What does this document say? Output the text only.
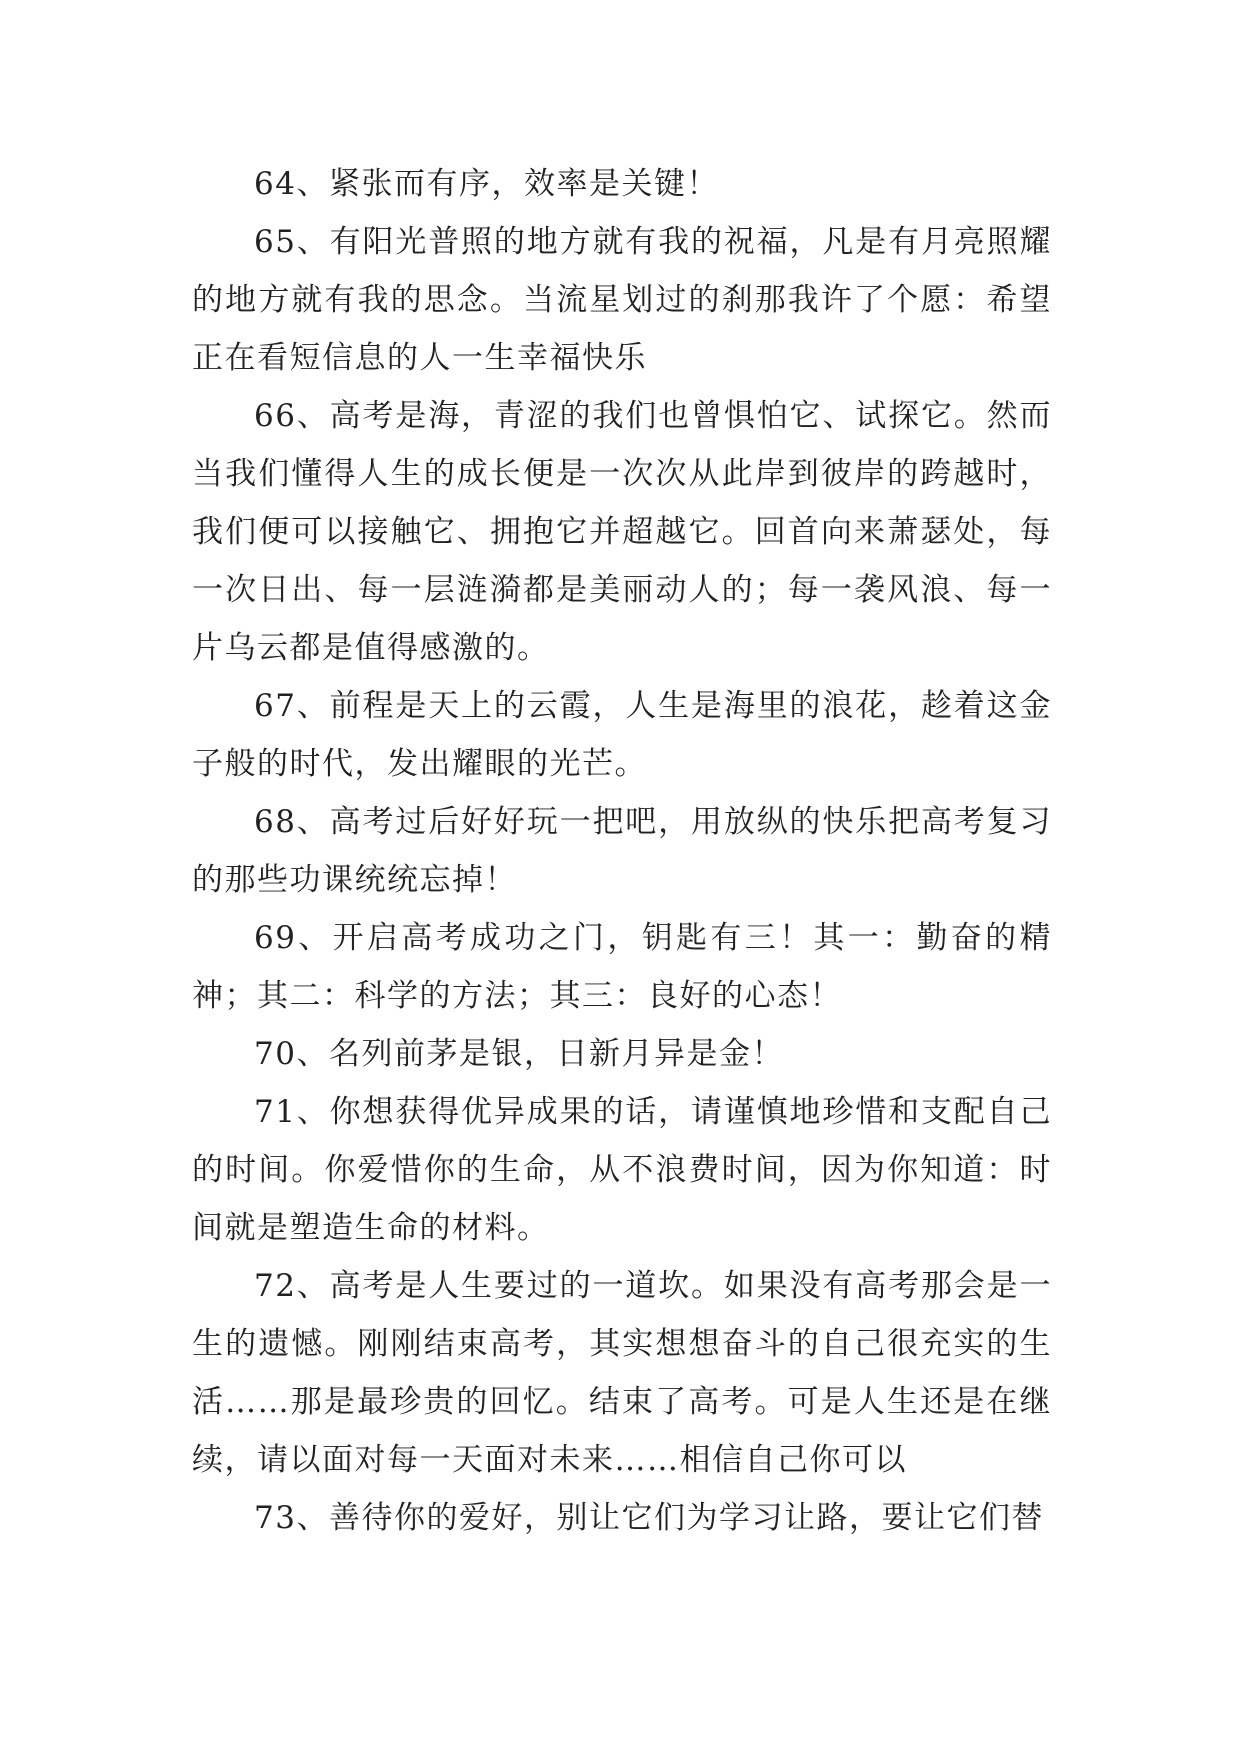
64、紧张而有序，效率是关键！

65、有阳光普照的地方就有我的祝福，凡是有月亮照耀的地方就有我的思念。当流星划过的刹那我许了个愿：希望正在看短信息的人一生幸福快乐

66、高考是海，青涩的我们也曾惧怕它、试探它。然而当我们懂得人生的成长便是一次次从此岸到彼岸的跨越时，我们便可以接触它、拥抱它并超越它。回首向来萧瑟处，每一次日出、每一层涟漪都是美丽动人的；每一袭风浪、每一片乌云都是值得感激的。

67、前程是天上的云霞，人生是海里的浪花，趁着这金子般的时代，发出耀眼的光芒。

68、高考过后好好玩一把吧，用放纵的快乐把高考复习的那些功课统统忘掉！

69、开启高考成功之门，钥匙有三！其一：勤奋的精神；其二：科学的方法；其三：良好的心态！

70、名列前茅是银，日新月异是金！

71、你想获得优异成果的话，请谨慎地珍惜和支配自己的时间。你爱惜你的生命，从不浪费时间，因为你知道：时间就是塑造生命的材料。

72、高考是人生要过的一道坎。如果没有高考那会是一生的遗憾。刚刚结束高考，其实想想奋斗的自己很充实的生活……那是最珍贵的回忆。结束了高考。可是人生还是在继续，请以面对每一天面对未来……相信自己你可以

73、善待你的爱好，别让它们为学习让路，要让它们替
